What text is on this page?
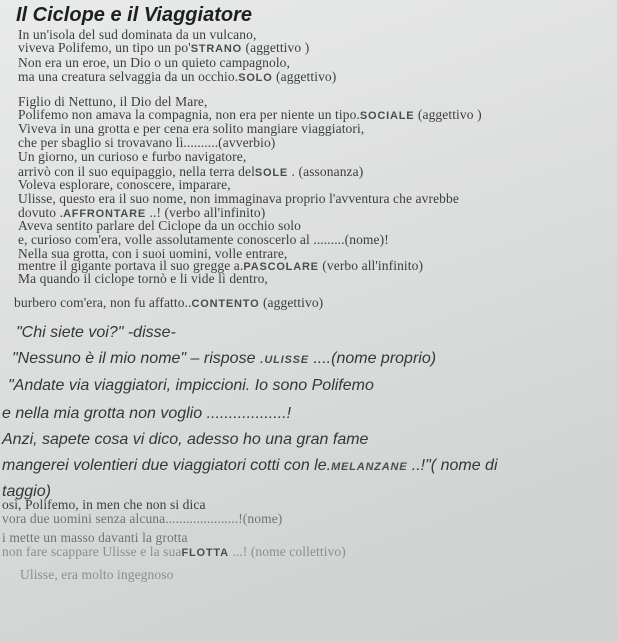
Il Ciclope e il Viaggiatore
In un'isola del sud dominata da un vulcano,
viveva Polifemo, un tipo un po'STRANO (aggettivo )
Non era un eroe, un Dio o un quieto campagnolo,
ma una creatura selvaggia da un occhio.SOLO (aggettivo)
Figlio di Nettuno, il Dio del Mare,
Polifemo non amava la compagnia, non era per niente un tipo.SOCIALE (aggettivo )
Viveva in una grotta e per cena era solito mangiare viaggiatori,
che per sbaglio si trovavano lì..........(avverbio)
Un giorno, un curioso e furbo navigatore,
arrivò con il suo equipaggio, nella terra delSOLE . (assonanza)
Voleva esplorare, conoscere, imparare,
Ulisse, questo era il suo nome, non immaginava proprio l'avventura che avrebbe
dovuto .AFFRONTARE ..! (verbo all'infinito)
Aveva sentito parlare del Ciclope da un occhio solo
e, curioso com'era, volle assolutamente conoscerlo al .........(nome)!
Nella sua grotta, con i suoi uomini, volle entrare,
mentre il gigante portava il suo gregge a.PASCOLARE (verbo all'infinito)
Ma quando il ciclope tornò e li vide lì dentro,
burbero com'era, non fu affatto..CONTENTO (aggettivo)
"Chi siete voi?" -disse-
"Nessuno è il mio nome" – rispose .ULISSE ....(nome proprio)
"Andate via viaggiatori, impiccioni. Io sono Polifemo
e nella mia grotta non voglio ..................!
Anzi, sapete cosa vi dico, adesso ho una gran fame
mangerei volentieri due viaggiatori cotti con le.MELANZANE ..!"( nome di
taggio)
osì, Polifemo, in men che non si dica
vora due uomini senza alcuna.....................!(nome)
i mette un masso davanti la grotta
non fare scappare Ulisse e la suaFLOTTA ...! (nome collettivo)
Ulisse, era molto ingegnoso
